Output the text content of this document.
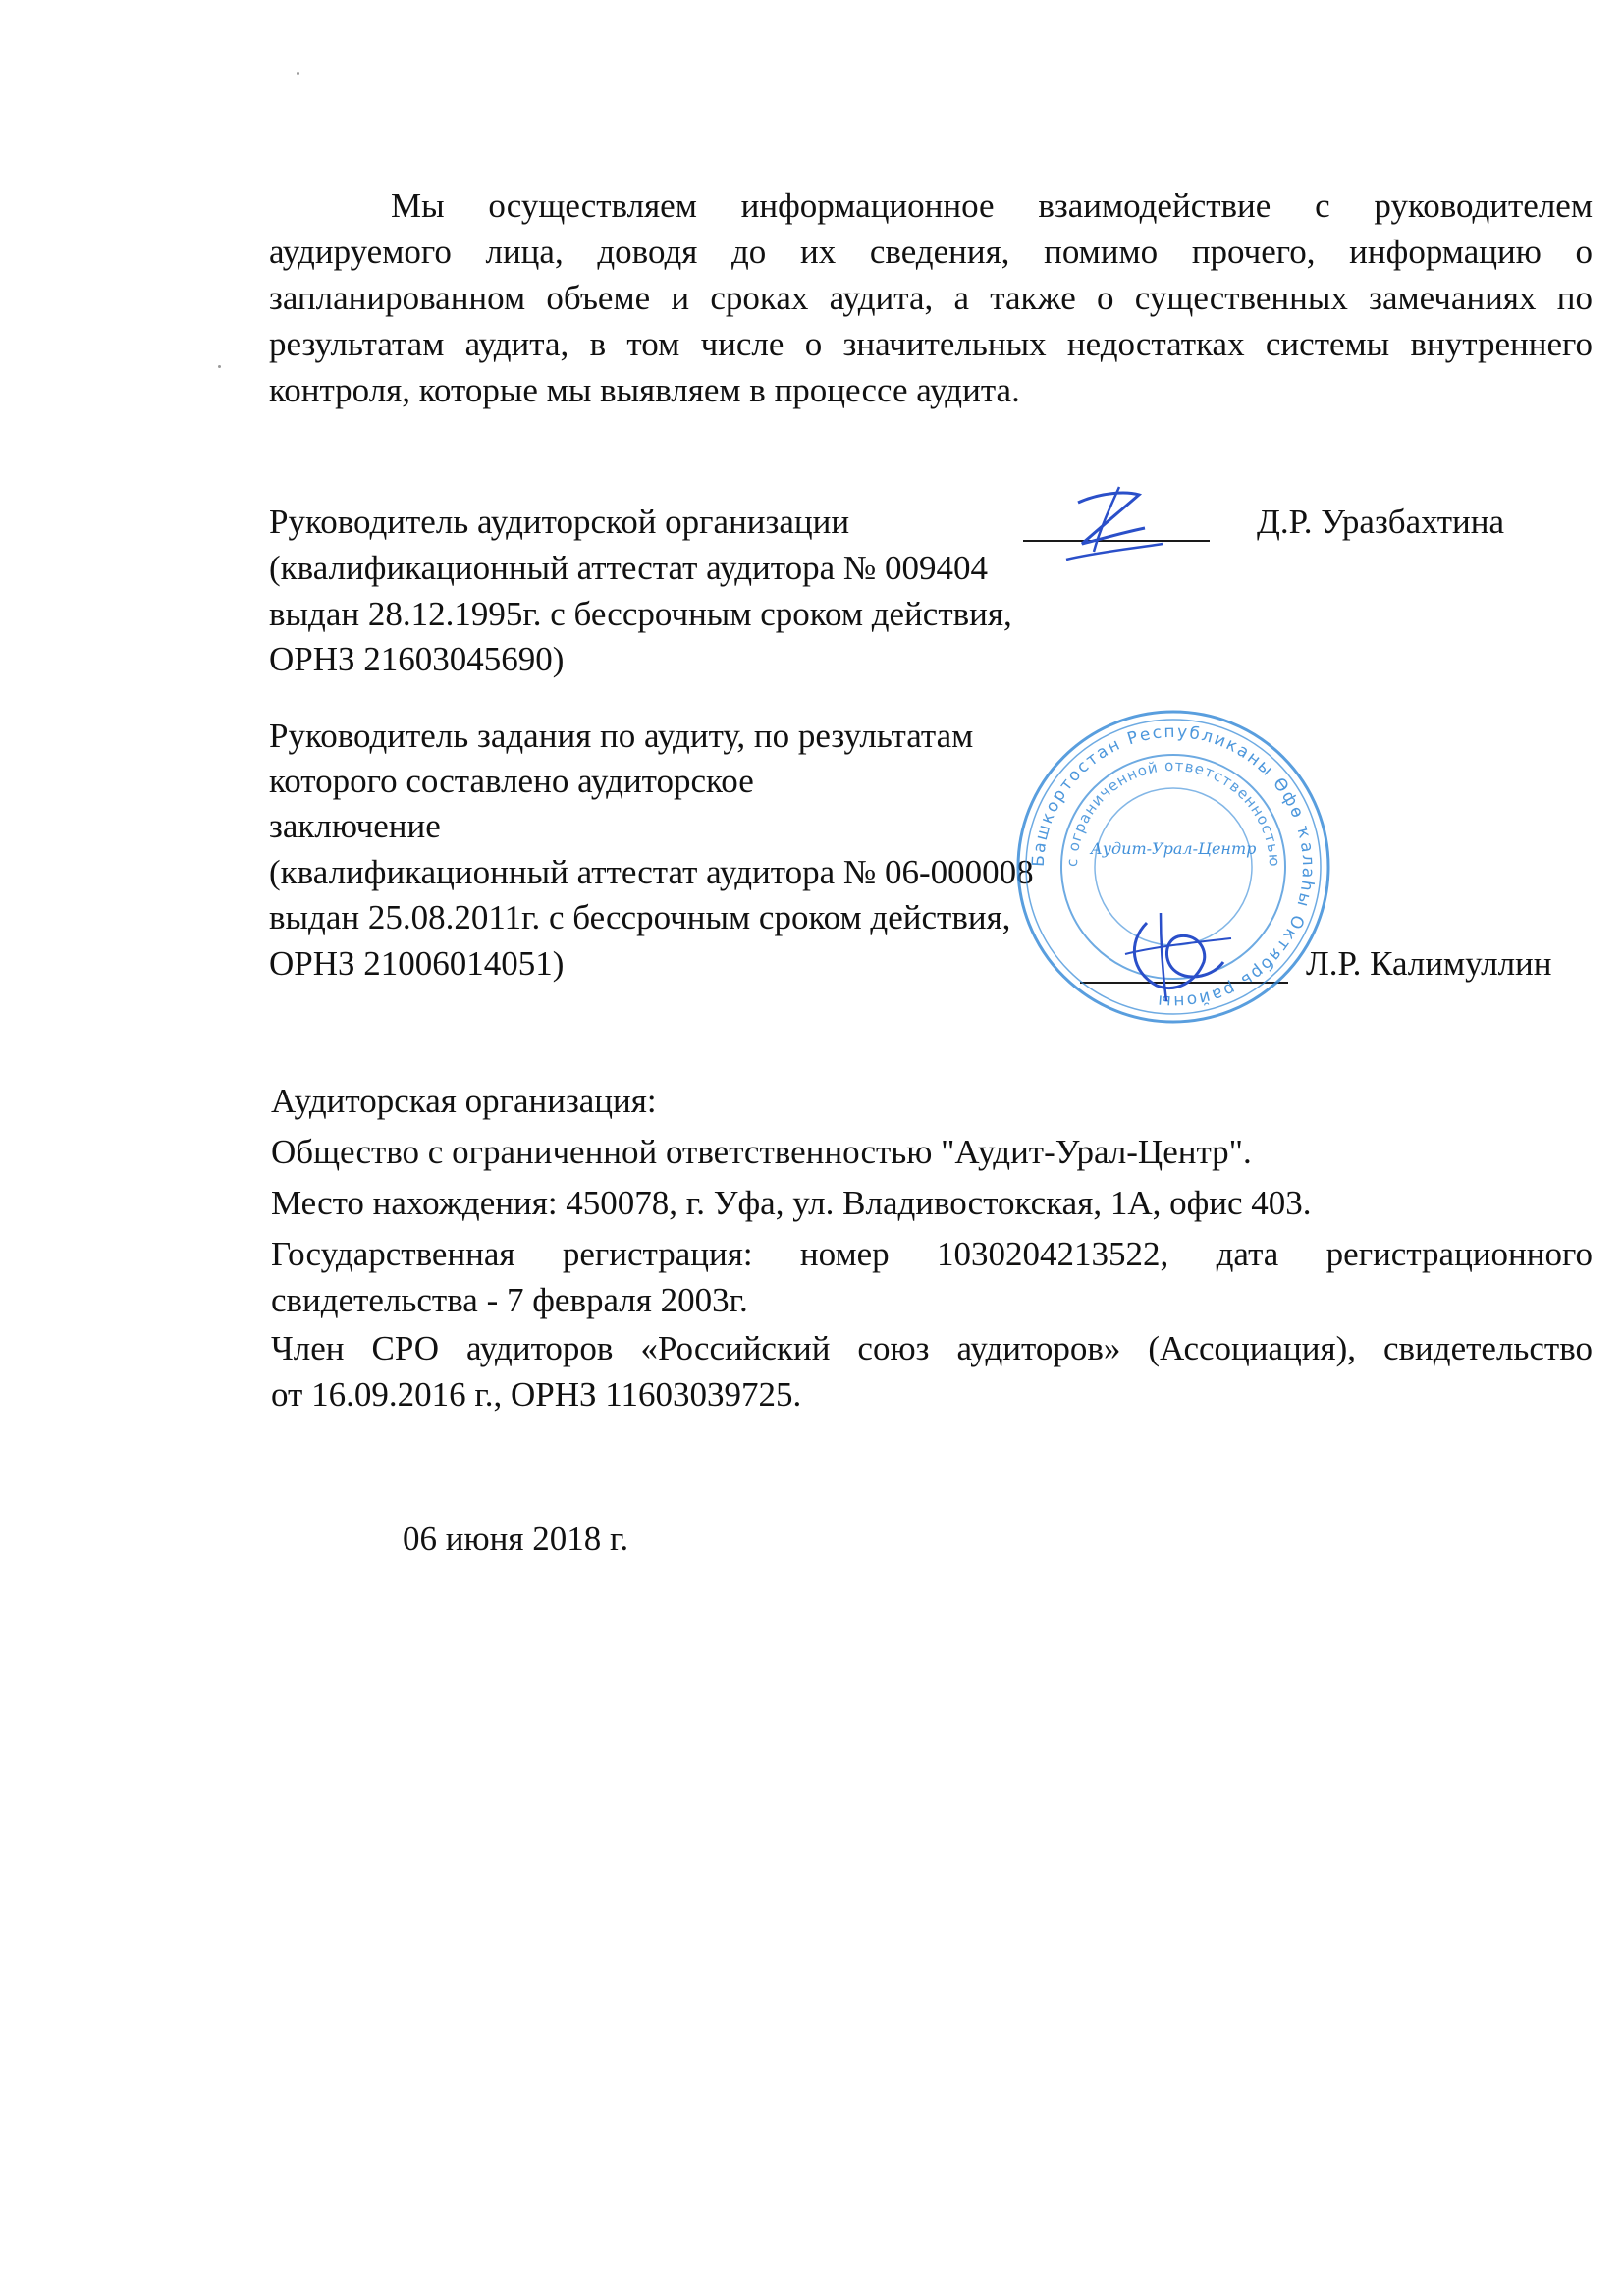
Мы осуществляем информационное взаимодействие с руководителем аудируемого лица, доводя до их сведения, помимо прочего, информацию о запланированном объеме и сроках аудита, а также о существенных замечаниях по результатам аудита, в том числе о значительных недостатках системы внутреннего контроля, которые мы выявляем в процессе аудита.
Руководитель аудиторской организации	Д.Р. Уразбахтина
(квалификационный аттестат аудитора № 009404
выдан 28.12.1995г. с бессрочным сроком действия,
ОРНЗ 21603045690)
Руководитель задания по аудиту, по результатам
которого составлено аудиторское
заключение
(квалификационный аттестат аудитора № 06-000008
выдан 25.08.2011г. с бессрочным сроком действия,
ОРНЗ 21006014051)	Л.Р. Калимуллин
Башкортостан Республиканы Өфө ҡалаһы Октябрь районы
с ограниченной ответственностью
Аудит-Урал-Центр
Аудиторская организация:
Общество с ограниченной ответственностью "Аудит-Урал-Центр".
Место нахождения: 450078, г. Уфа, ул. Владивостокская, 1А, офис 403.
Государственная регистрация: номер 1030204213522, дата регистрационного
свидетельства - 7 февраля 2003г.
Член СРО аудиторов «Российский союз аудиторов» (Ассоциация), свидетельство
от 16.09.2016 г., ОРНЗ 11603039725.
06 июня 2018 г.
